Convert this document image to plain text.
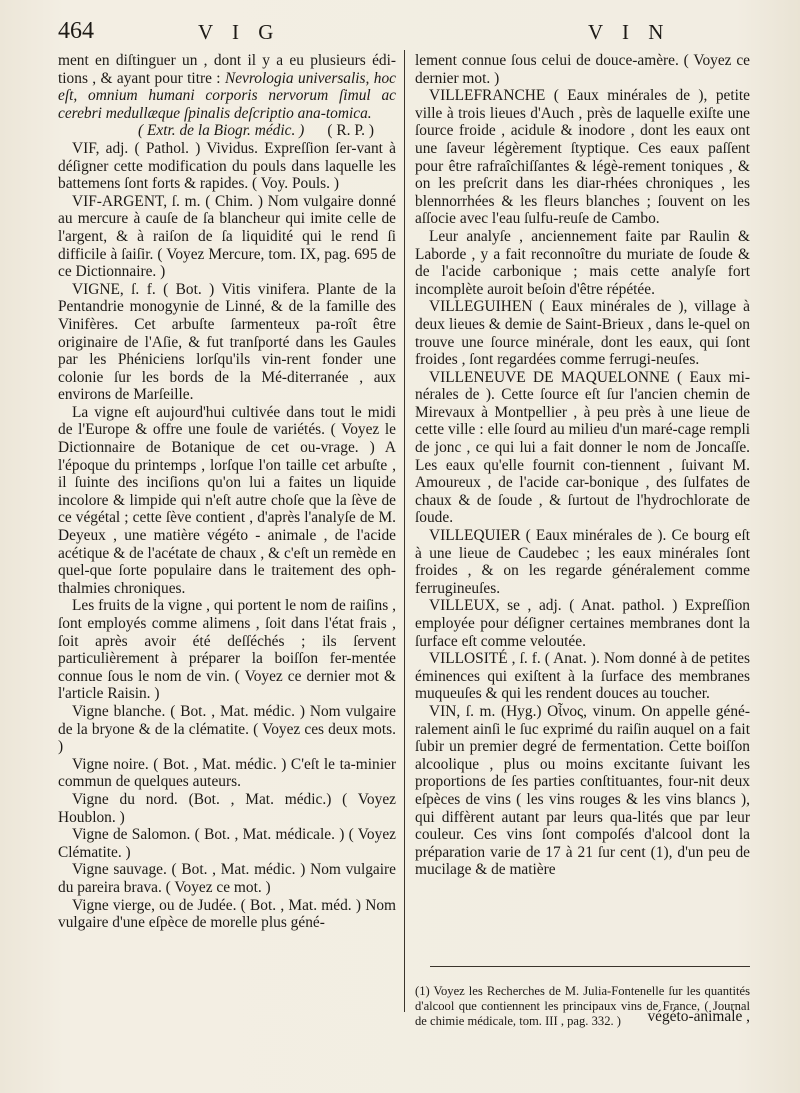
464	V I G	V I N

ment en diſtinguer un , dont il y a eu plusieurs édi-tions , & ayant pour titre : Nevrologia universalis, hoc eſt, omnium humani corporis nervorum ſimul ac cerebri medullæque ſpinalis deſcriptio ana-tomica.

( Extr. de la Biogr. médic. ) ( R. P. )

VIF, adj. ( Pathol. ) Vividus. Expreſſion ſer-vant à déſigner cette modification du pouls dans laquelle les battemens ſont forts & rapides. ( Voy. Pouls. )

VIF-ARGENT, ſ. m. ( Chim. ) Nom vulgaire donné au mercure à cauſe de ſa blancheur qui imite celle de l'argent, & à raiſon de ſa liquidité qui le rend ſi difficile à ſaiſir. ( Voyez Mercure, tom. IX, pag. 695 de ce Dictionnaire. )

VIGNE, ſ. f. ( Bot. ) Vitis vinifera. Plante de la Pentandrie monogynie de Linné, & de la famille des Vinifères. Cet arbuſte ſarmenteux pa-roît être originaire de l'Aſie, & fut tranſporté dans les Gaules par les Phéniciens lorſqu'ils vin-rent fonder une colonie ſur les bords de la Mé-diterranée , aux environs de Marſeille.

La vigne eſt aujourd'hui cultivée dans tout le midi de l'Europe & offre une foule de variétés. ( Voyez le Dictionnaire de Botanique de cet ou-vrage. ) A l'époque du printemps , lorſque l'on taille cet arbuſte , il ſuinte des inciſions qu'on lui a faites un liquide incolore & limpide qui n'eſt autre choſe que la ſève de ce végétal ; cette ſève contient , d'après l'analyſe de M. Deyeux , une matière végéto - animale , de l'acide acétique & de l'acétate de chaux , & c'eſt un remède en quel-que ſorte populaire dans le traitement des oph-thalmies chroniques.

Les fruits de la vigne , qui portent le nom de raiſins , ſont employés comme alimens , ſoit dans l'état frais , ſoit après avoir été deſſéchés ; ils ſervent particulièrement à préparer la boiſſon fer-mentée connue ſous le nom de vin. ( Voyez ce dernier mot & l'article Raisin. )

Vigne blanche. ( Bot. , Mat. médic. ) Nom vulgaire de la bryone & de la clématite. ( Voyez ces deux mots. )

Vigne noire. ( Bot. , Mat. médic. ) C'eſt le ta-minier commun de quelques auteurs.

Vigne du nord. (Bot. , Mat. médic.) ( Voyez Houblon. )

Vigne de Salomon. ( Bot. , Mat. médicale. ) ( Voyez Clématite. )

Vigne sauvage. ( Bot. , Mat. médic. ) Nom vulgaire du pareira brava. ( Voyez ce mot. )

Vigne vierge, ou de Judée. ( Bot. , Mat. méd. ) Nom vulgaire d'une eſpèce de morelle plus géné-

lement connue ſous celui de douce-amère. ( Voyez ce dernier mot. )

VILLEFRANCHE ( Eaux minérales de ), petite ville à trois lieues d'Auch , près de laquelle exiſte une ſource froide , acidule & inodore , dont les eaux ont une ſaveur légèrement ſtyptique. Ces eaux paſſent pour être rafraîchiſſantes & légè-rement toniques , & on les preſcrit dans les diar-rhées chroniques , les blennorrhées & les fleurs blanches ; ſouvent on les aſſocie avec l'eau ſulfu-reuſe de Cambo.

Leur analyſe , anciennement faite par Raulin & Laborde , y a fait reconnoître du muriate de ſoude & de l'acide carbonique ; mais cette analyſe fort incomplète auroit beſoin d'être répétée.

VILLEGUIHEN ( Eaux minérales de ), village à deux lieues & demie de Saint-Brieux , dans le-quel on trouve une ſource minérale, dont les eaux, qui ſont froides , ſont regardées comme ferrugi-neuſes.

VILLENEUVE DE MAQUELONNE ( Eaux mi-nérales de ). Cette ſource eſt ſur l'ancien chemin de Mirevaux à Montpellier , à peu près à une lieue de cette ville : elle ſourd au milieu d'un maré-cage rempli de jonc , ce qui lui a fait donner le nom de Joncaſſe. Les eaux qu'elle fournit con-tiennent , ſuivant M. Amoureux , de l'acide car-bonique , des ſulfates de chaux & de ſoude , & ſurtout de l'hydrochlorate de ſoude.

VILLEQUIER ( Eaux minérales de ). Ce bourg eſt à une lieue de Caudebec ; les eaux minérales ſont froides , & on les regarde généralement comme ferrugineuſes.

VILLEUX, se , adj. ( Anat. pathol. ) Expreſſion employée pour déſigner certaines membranes dont la ſurface eſt comme veloutée.

VILLOSITÉ , ſ. f. ( Anat. ). Nom donné à de petites éminences qui exiſtent à la ſurface des membranes muqueuſes & qui les rendent douces au toucher.

VIN, ſ. m. (Hyg.) Οἶνος, vinum. On appelle géné-ralement ainſi le ſuc exprimé du raiſin auquel on a fait ſubir un premier degré de fermentation. Cette boiſſon alcoolique , plus ou moins excitante ſuivant les proportions de ſes parties conſtituantes, four-nit deux eſpèces de vins ( les vins rouges & les vins blancs ), qui diffèrent autant par leurs qua-lités que par leur couleur. Ces vins ſont compoſés d'alcool dont la préparation varie de 17 à 21 ſur cent (1), d'un peu de mucilage & de matière

(1) Voyez les Recherches de M. Julia-Fontenelle ſur les quantités d'alcool que contiennent les principaux vins de France, ( Journal de chimie médicale, tom. III , pag. 332. )	végéto-animale ,
